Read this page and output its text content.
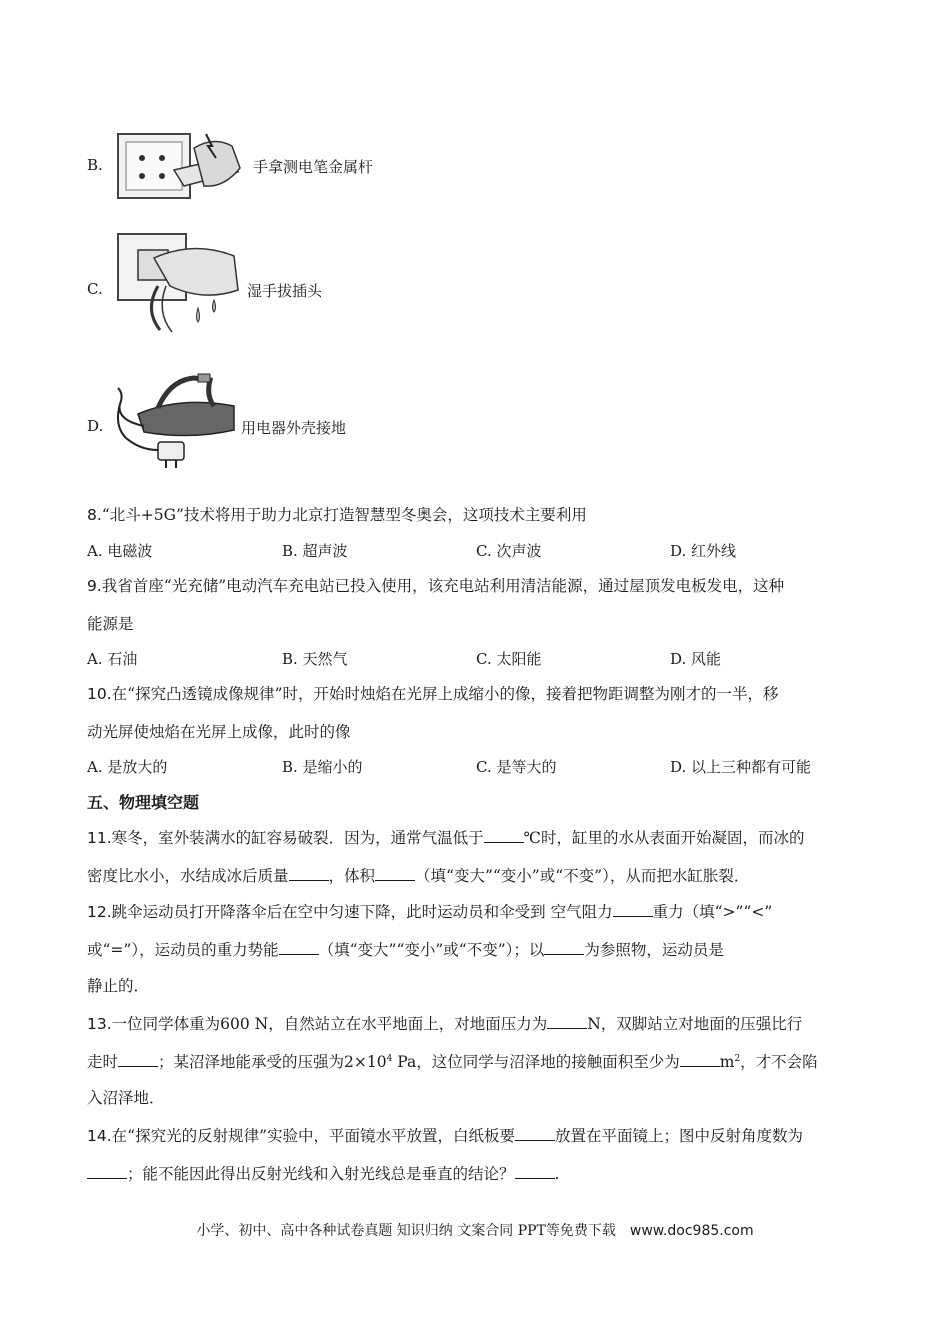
B.	手拿测电笔金属杆
C.	湿手拔插头
D.	用电器外壳接地
8.“北斗+5G”技术将用于助力北京打造智慧型冬奥会，这项技术主要利用
A. 电磁波	B. 超声波	C. 次声波	D. 红外线
9.我省首座“光充储”电动汽车充电站已投入使用，该充电站利用清洁能源，通过屋顶发电板发电，这种
能源是
A. 石油	B. 天然气	C. 太阳能	D. 风能
10.在“探究凸透镜成像规律”时，开始时烛焰在光屏上成缩小的像，接着把物距调整为刚才的一半，移
动光屏使烛焰在光屏上成像，此时的像
A. 是放大的	B. 是缩小的	C. 是等大的	D. 以上三种都有可能
五、物理填空题
11.寒冬，室外装满水的缸容易破裂．因为，通常气温低于	℃时，缸里的水从表面开始凝固，而冰的
密度比水小，水结成冰后质量	，体积	（填“变大”“变小”或“不变”），从而把水缸胀裂．
12.跳伞运动员打开降落伞后在空中匀速下降，此时运动员和伞受到 空气阻力	重力（填“>”“<”
或“=”），运动员的重力势能	（填“变大”“变小”或“不变”）；以	为参照物，运动员是
静止的．
13.一位同学体重为600 N，自然站立在水平地面上，对地面压力为	N，双脚站立对地面的压强比行
走时	；某沼泽地能承受的压强为$2\times 10^4$ Pa，这位同学与沼泽地的接触面积至少为	$m^2$，才不会陷
入沼泽地．
14.在“探究光的反射规律”实验中，平面镜水平放置，白纸板要	放置在平面镜上；图中反射角度数为
；能不能因此得出反射光线和入射光线总是垂直的结论？	.
小学、初中、高中各种试卷真题 知识归纳 文案合同 PPT等免费下载 www.doc985.com
